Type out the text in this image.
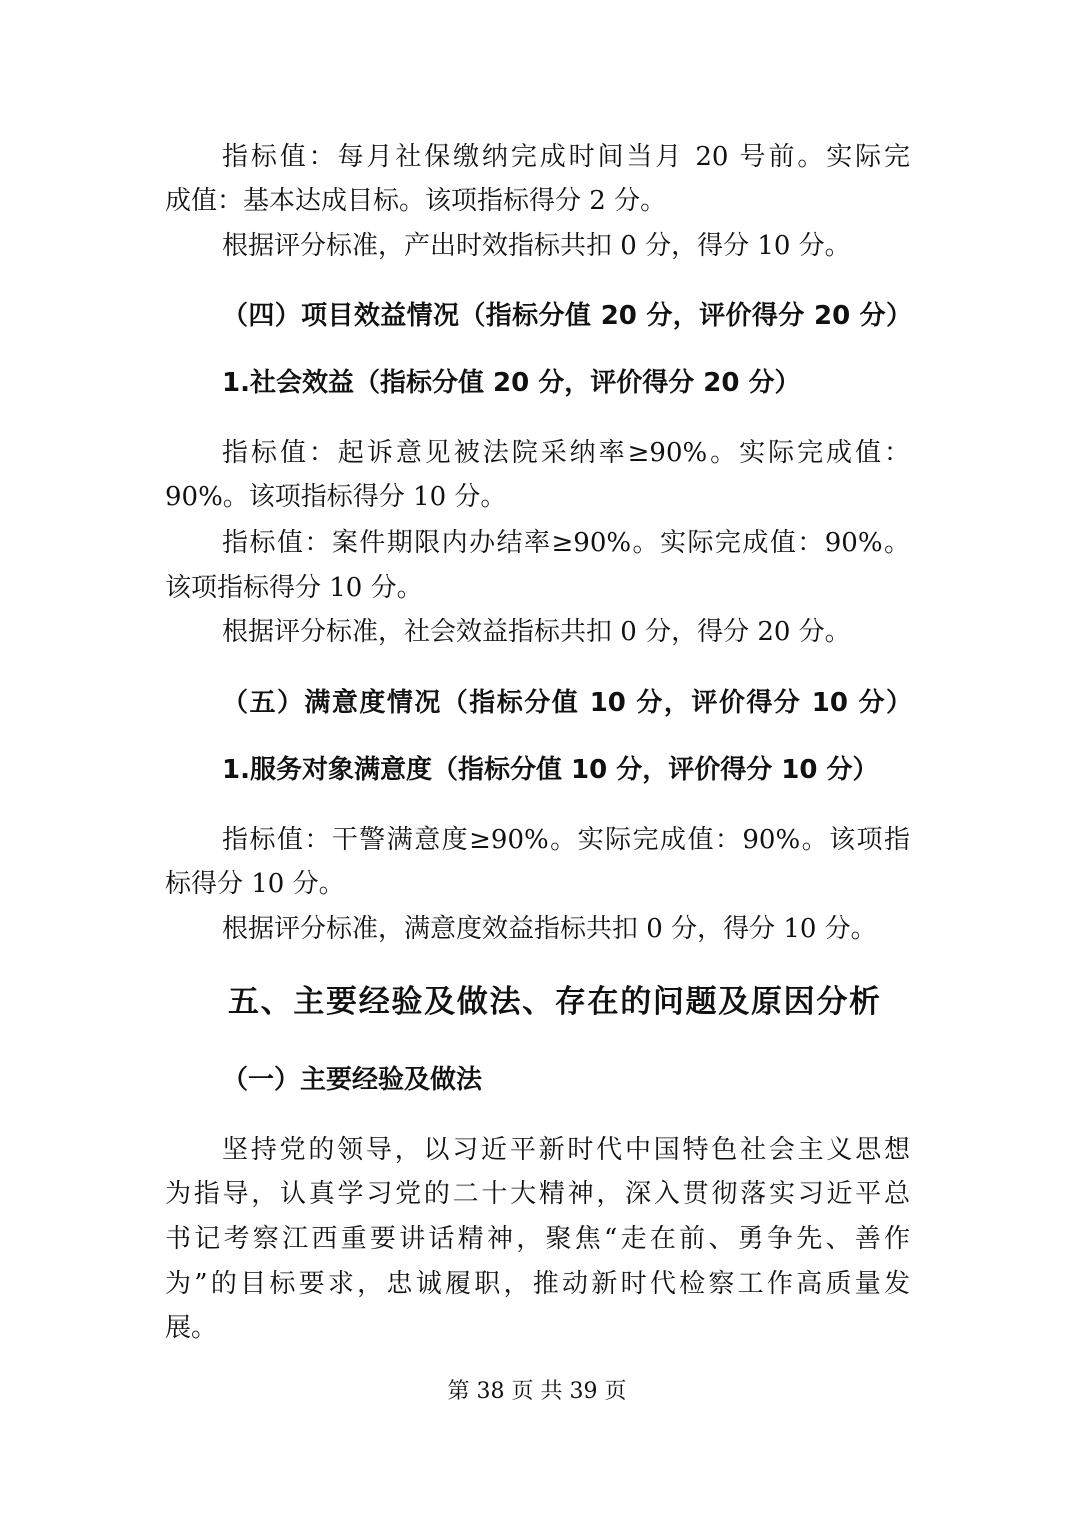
指标值：每月社保缴纳完成时间当月 20 号前。实际完
成值：基本达成目标。该项指标得分 2 分。
根据评分标准，产出时效指标共扣 0 分，得分 10 分。
（四）项目效益情况（指标分值 20 分，评价得分 20 分）
1.社会效益（指标分值 20 分，评价得分 20 分）
指标值：起诉意见被法院采纳率≥90%。实际完成值：
90%。该项指标得分 10 分。
指标值：案件期限内办结率≥90%。实际完成值：90%。
该项指标得分 10 分。
根据评分标准，社会效益指标共扣 0 分，得分 20 分。
（五）满意度情况（指标分值 10 分，评价得分 10 分）
1.服务对象满意度（指标分值 10 分，评价得分 10 分）
指标值：干警满意度≥90%。实际完成值：90%。该项指
标得分 10 分。
根据评分标准，满意度效益指标共扣 0 分，得分 10 分。
五、主要经验及做法、存在的问题及原因分析
（一）主要经验及做法
坚持党的领导，以习近平新时代中国特色社会主义思想
为指导，认真学习党的二十大精神，深入贯彻落实习近平总
书记考察江西重要讲话精神，聚焦“走在前、勇争先、善作
为”的目标要求，忠诚履职，推动新时代检察工作高质量发
展。
第 38 页 共 39 页
